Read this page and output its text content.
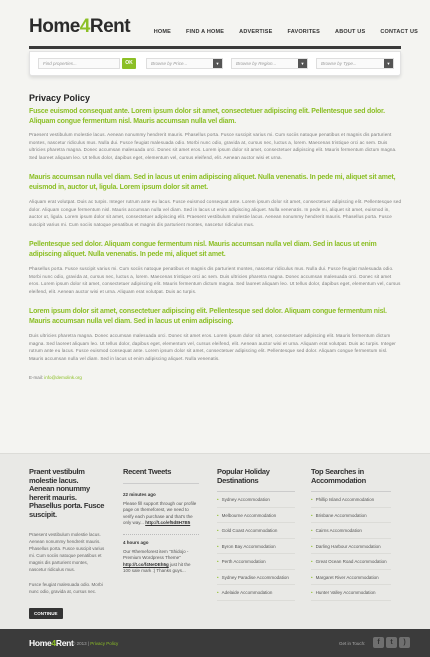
Home4Rent	HOME	FIND A HOME	ADVERTISE	FAVORITES	ABOUT US	CONTACT US
Find properties...	OK	Browse by Price...	▼	Browse by Region...	▼	Browse by Type...	▼
Privacy Policy
Fusce euismod consequat ante. Lorem ipsum dolor sit amet, consectetuer adipiscing elit. Pellentesque sed dolor. Aliquam congue fermentum nisl. Mauris accumsan nulla vel diam.
Praesent vestibulum molestie lacus. Aenean nonummy hendrerit mauris. Phasellus porta. Fusce suscipit varius mi. Cum sociis natoque penatibus et magnis dis parturient montes, nascetur ridiculus mus. Nulla dui. Fusce feugiat malesuada odio. Morbi nunc odio, gravida at, cursus nec, luctus a, lorem. Maecenas tristique orci ac sem. Duis ultricies pharetra magna. Donec accumsan malesuada orci. Donec sit amet eros. Lorem ipsum dolor sit amet, consectetuer adipiscing elit. Mauris fermentum dictum magna. Sed laoreet aliquam leo. Ut tellus dolor, dapibus eget, elementum vel, cursus eleifend, elit. Aenean auctor wisi et urna.
Mauris accumsan nulla vel diam. Sed in lacus ut enim adipiscing aliquet. Nulla venenatis. In pede mi, aliquet sit amet, euismod in, auctor ut, ligula. Lorem ipsum dolor sit amet.
Aliquam erat volutpat. Duis ac turpis. Integer rutrum ante eu lacus. Fusce euismod consequat ante. Lorem ipsum dolor sit amet, consectetuer adipiscing elit. Pellentesque sed dolor. Aliquam congue fermentum nisl. Mauris accumsan nulla vel diam. Sed in lacus ut enim adipiscing aliquet. Nulla venenatis. In pede mi, aliquet sit amet, euismod in, auctor ut, ligula. Lorem ipsum dolor sit amet, consectetuer adipiscing elit. Praesent vestibulum molestie lacus. Aenean nonummy hendrerit mauris. Phasellus porta. Fusce suscipit varius mi. Cum sociis natoque penatibus et magnis dis parturient montes, nascetur ridiculus mus.
Pellentesque sed dolor. Aliquam congue fermentum nisl. Mauris accumsan nulla vel diam. Sed in lacus ut enim adipiscing aliquet. Nulla venenatis. In pede mi, aliquet sit amet.
Phasellus porta. Fusce suscipit varius mi. Cum sociis natoque penatibus et magnis dis parturient montes, nascetur ridiculus mus. Nulla dui. Fusce feugiat malesuada odio. Morbi nunc odio, gravida at, cursus nec, luctus a, lorem. Maecenas tristique orci ac sem. Duis ultricies pharetra magna. Donec accumsan malesuada orci. Donec sit amet eros. Lorem ipsum dolor sit amet, consectetuer adipiscing elit. Mauris fermentum dictum magna. Sed laoreet aliquam leo. Ut tellus dolor, dapibus eget, elementum vel, cursus eleifend, elit. Aenean auctor wisi et urna. Aliquam erat volutpat. Duis ac turpis.
Lorem ipsum dolor sit amet, consectetuer adipiscing elit. Pellentesque sed dolor. Aliquam congue fermentum nisl. Mauris accumsan nulla vel diam. Sed in lacus ut enim adipiscing.
Duis ultricies pharetra magna. Donec accumsan malesuada orci. Donec sit amet eros. Lorem ipsum dolor sit amet, consectetuer adipiscing elit. Mauris fermentum dictum magna. Sed laoreet aliquam leo. Ut tellus dolor, dapibus eget, elementum vel, cursus eleifend, elit. Aenean auctor wisi et urna. Aliquam erat volutpat. Duis ac turpis. Integer rutrum ante eu lacus. Fusce euismod consequat ante. Lorem ipsum dolor sit amet, consectetuer adipiscing elit. Pellentesque sed dolor. Aliquam congue fermentum nisl. Mauris accumsan nulla vel diam. Sed in lacus ut enim adipiscing aliquet. Nulla venenatis.
E-mail: info@demolink.org
Praent vestibulm molestie lacus. Aenean nonummy hererit mauris. Phasellus porta. Fusce suscipit.
Praesent vestibulum molestie lacus. Aenean nonummy hendrerit mauris. Phasellus porta. Fusce suscipit varius mi. Cum sociis natoque penatibus et magnis dis parturient montes, nascetur ridiculus mus.
Fusce feugiat malesuada odio. Morbi nunc odio, gravida at, cursus nec.
CONTINUE
Recent Tweets
22 minutes ago
Please fill support through our profile page on themeforest, we need to verify each purchase and that's the only way... http://t.co/ef5d8H7B5
4 hours ago
Our #themeforest item "Shidojo - Premium Wordpress Theme" http://t.co/f4NeDEh5g just hit the 100 sale mark :) Thanks guys...
Popular Holiday Destinations
• Sydney Accommodation
• Melbourne Accommodation
• Gold Coast Accommodation
• Byron Bay Accommodation
• Perth Accommodation
• Sydney Paradise Accommodation
• Adelaide Accommodation
Top Searches in Accommodation
• Phillip Island Accommodation
• Brisbane Accommodation
• Cairns Accommodation
• Darling Harbour Accommodation
• Great Ocean Road Accommodation
• Margaret River Accommodation
• Hunter Valley Accommodation
Home4Rent
© 2013 | Privacy Policy	Get in Touch:	f	t	)
